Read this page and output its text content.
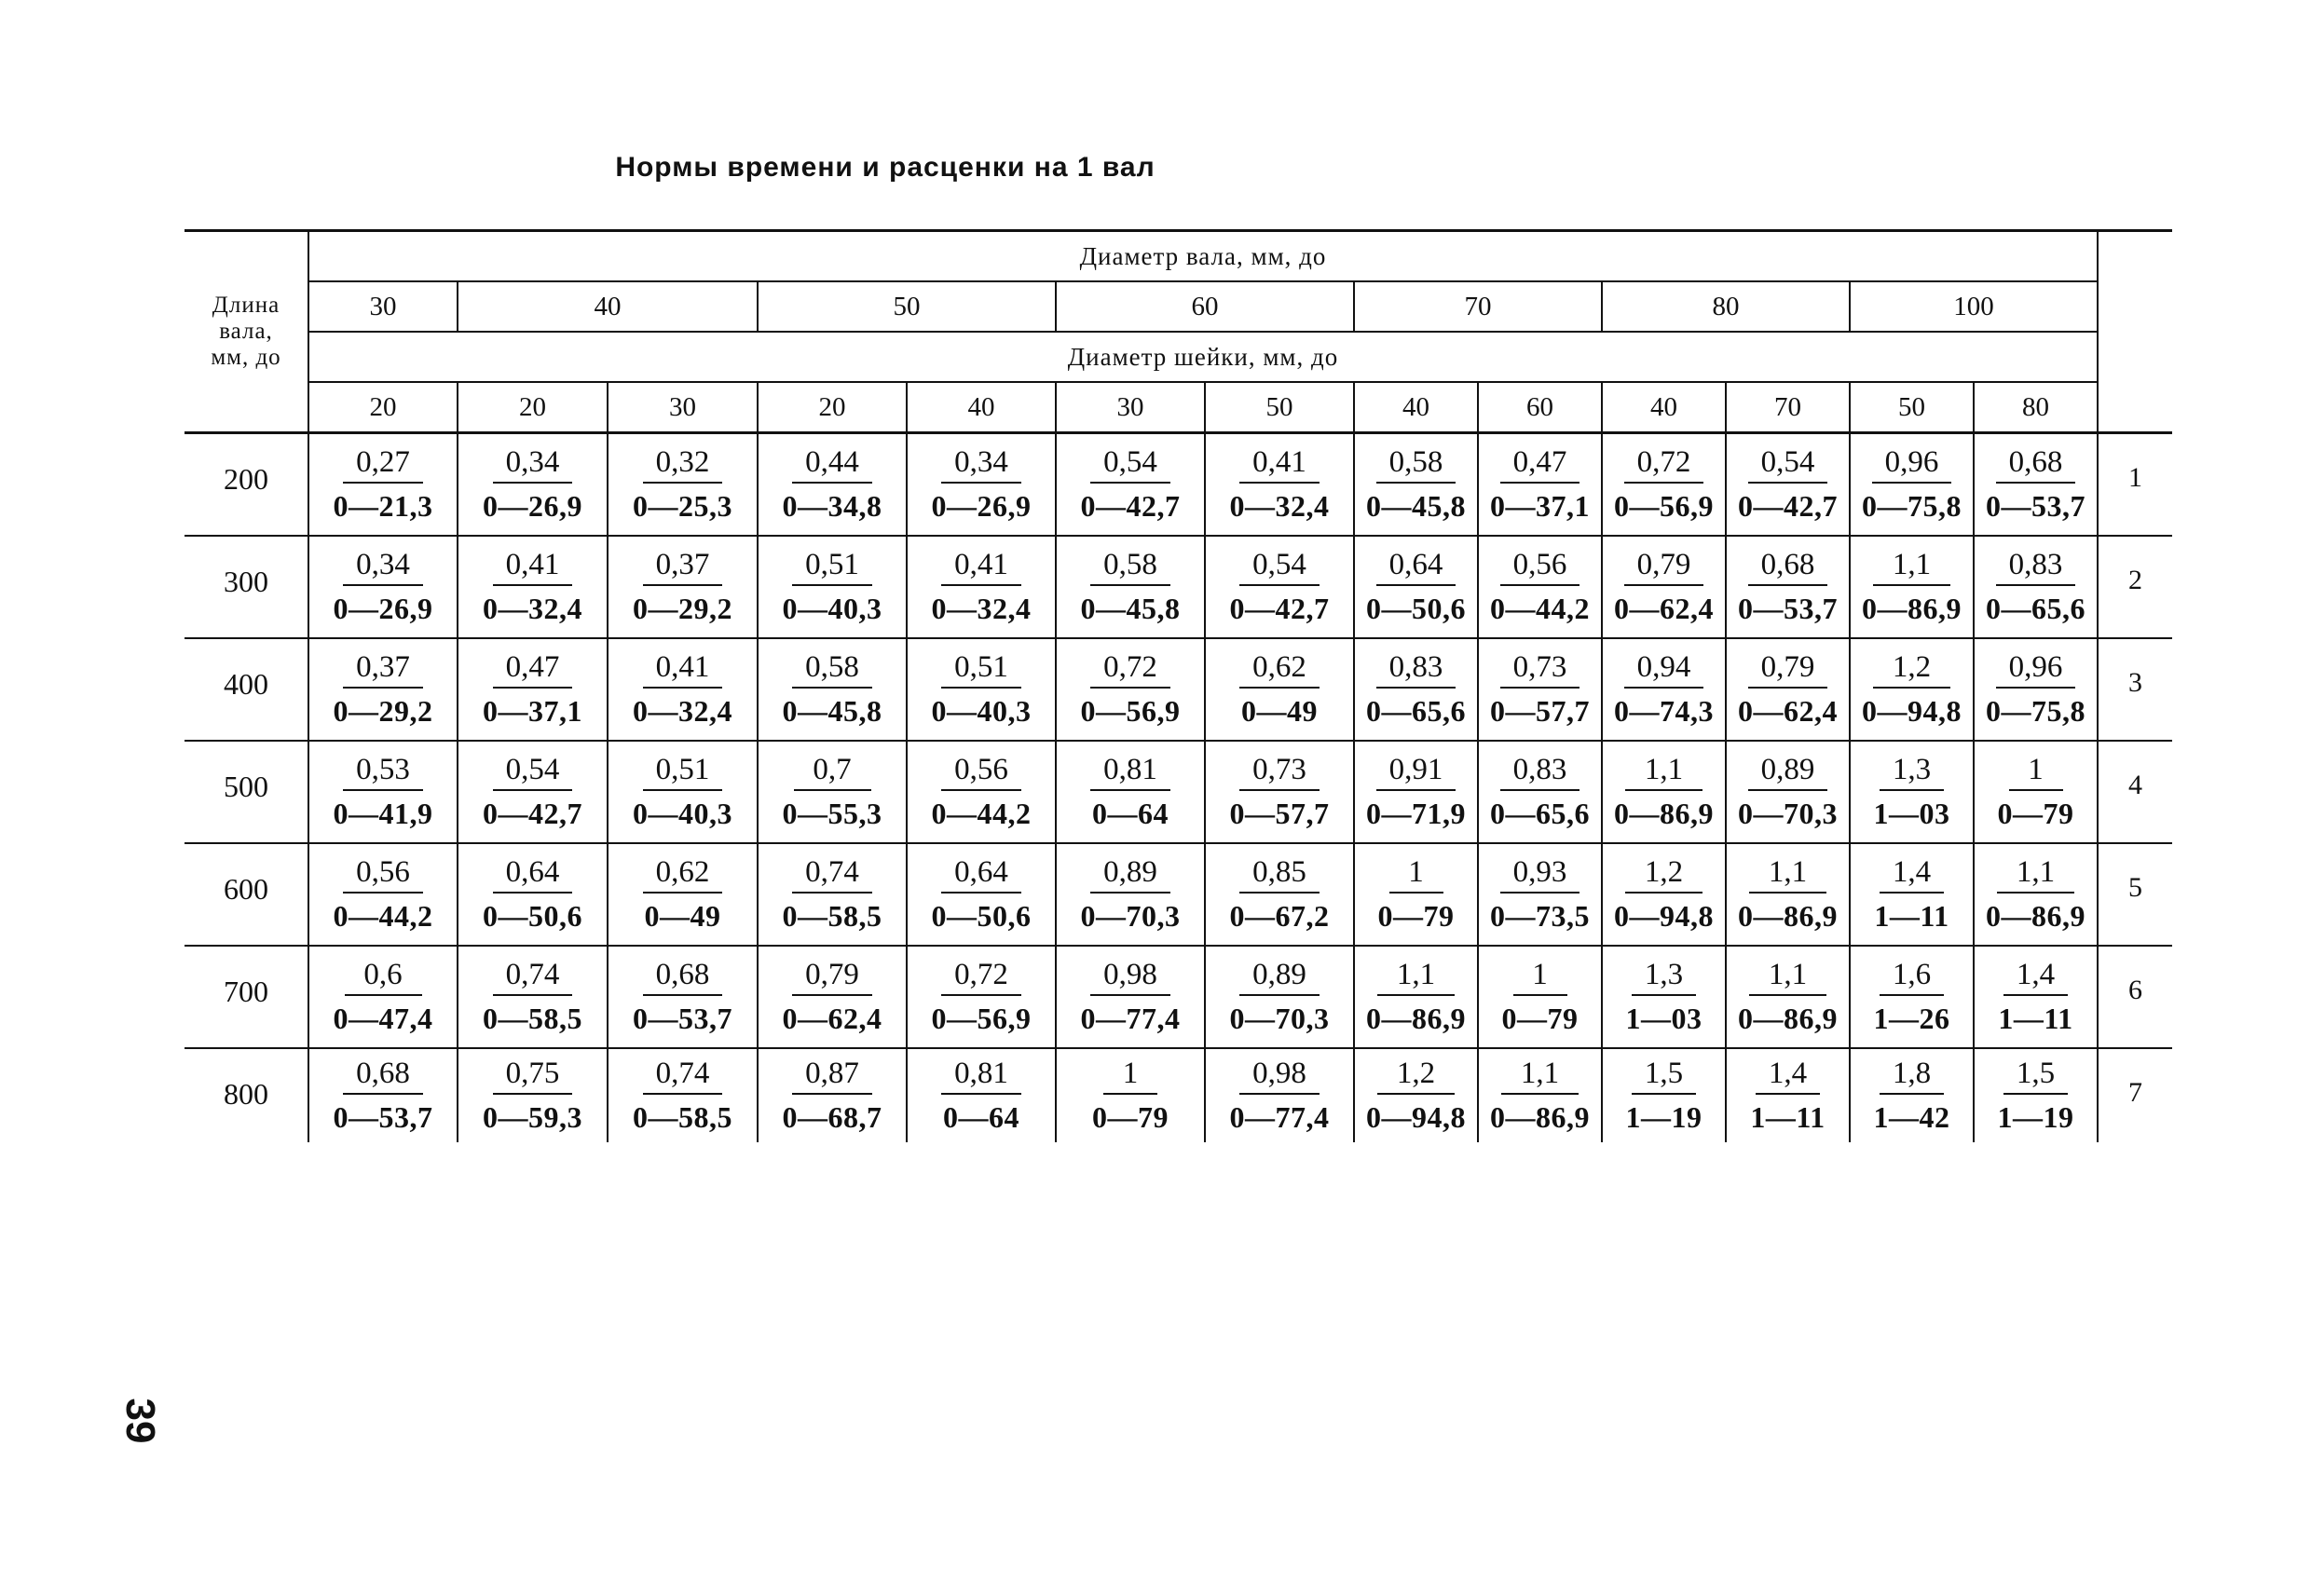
Нормы времени и расценки на 1 вал
Длина
вала,
мм, до	Диаметр вала, мм, до													
	30	40		50		60		70		80		100		
	Диаметр шейки, мм, до													
	20	20	30	20	40	30	50	40	60	40	70	50	80	
200	$\frac{0,27}{0—21,3}$	$\frac{0,34}{0—26,9}$	$\frac{0,32}{0—25,3}$	$\frac{0,44}{0—34,8}$	$\frac{0,34}{0—26,9}$	$\frac{0,54}{0—42,7}$	$\frac{0,41}{0—32,4}$	$\frac{0,58}{0—45,8}$	$\frac{0,47}{0—37,1}$	$\frac{0,72}{0—56,9}$	$\frac{0,54}{0—42,7}$	$\frac{0,96}{0—75,8}$	$\frac{0,68}{0—53,7}$	1
300	$\frac{0,34}{0—26,9}$	$\frac{0,41}{0—32,4}$	$\frac{0,37}{0—29,2}$	$\frac{0,51}{0—40,3}$	$\frac{0,41}{0—32,4}$	$\frac{0,58}{0—45,8}$	$\frac{0,54}{0—42,7}$	$\frac{0,64}{0—50,6}$	$\frac{0,56}{0—44,2}$	$\frac{0,79}{0—62,4}$	$\frac{0,68}{0—53,7}$	$\frac{1,1}{0—86,9}$	$\frac{0,83}{0—65,6}$	2
400	$\frac{0,37}{0—29,2}$	$\frac{0,47}{0—37,1}$	$\frac{0,41}{0—32,4}$	$\frac{0,58}{0—45,8}$	$\frac{0,51}{0—40,3}$	$\frac{0,72}{0—56,9}$	$\frac{0,62}{0—49}$	$\frac{0,83}{0—65,6}$	$\frac{0,73}{0—57,7}$	$\frac{0,94}{0—74,3}$	$\frac{0,79}{0—62,4}$	$\frac{1,2}{0—94,8}$	$\frac{0,96}{0—75,8}$	3
500	$\frac{0,53}{0—41,9}$	$\frac{0,54}{0—42,7}$	$\frac{0,51}{0—40,3}$	$\frac{0,7}{0—55,3}$	$\frac{0,56}{0—44,2}$	$\frac{0,81}{0—64}$	$\frac{0,73}{0—57,7}$	$\frac{0,91}{0—71,9}$	$\frac{0,83}{0—65,6}$	$\frac{1,1}{0—86,9}$	$\frac{0,89}{0—70,3}$	$\frac{1,3}{1—03}$	$\frac{1}{0—79}$	4
600	$\frac{0,56}{0—44,2}$	$\frac{0,64}{0—50,6}$	$\frac{0,62}{0—49}$	$\frac{0,74}{0—58,5}$	$\frac{0,64}{0—50,6}$	$\frac{0,89}{0—70,3}$	$\frac{0,85}{0—67,2}$	$\frac{1}{0—79}$	$\frac{0,93}{0—73,5}$	$\frac{1,2}{0—94,8}$	$\frac{1,1}{0—86,9}$	$\frac{1,4}{1—11}$	$\frac{1,1}{0—86,9}$	5
700	$\frac{0,6}{0—47,4}$	$\frac{0,74}{0—58,5}$	$\frac{0,68}{0—53,7}$	$\frac{0,79}{0—62,4}$	$\frac{0,72}{0—56,9}$	$\frac{0,98}{0—77,4}$	$\frac{0,89}{0—70,3}$	$\frac{1,1}{0—86,9}$	$\frac{1}{0—79}$	$\frac{1,3}{1—03}$	$\frac{1,1}{0—86,9}$	$\frac{1,6}{1—26}$	$\frac{1,4}{1—11}$	6
800	$\frac{0,68}{0—53,7}$	$\frac{0,75}{0—59,3}$	$\frac{0,74}{0—58,5}$	$\frac{0,87}{0—68,7}$	$\frac{0,81}{0—64}$	$\frac{1}{0—79}$	$\frac{0,98}{0—77,4}$	$\frac{1,2}{0—94,8}$	$\frac{1,1}{0—86,9}$	$\frac{1,5}{1—19}$	$\frac{1,4}{1—11}$	$\frac{1,8}{1—42}$	$\frac{1,5}{1—19}$	7
39
